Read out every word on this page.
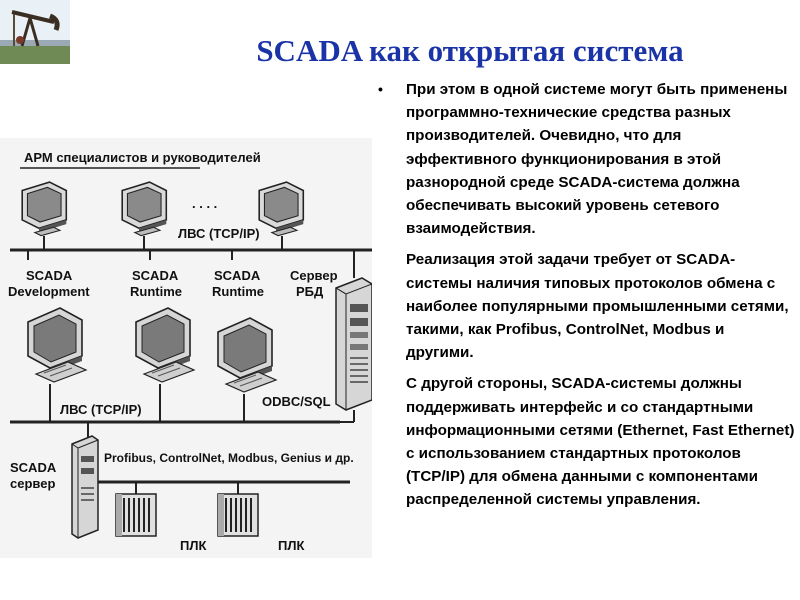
SCADA как открытая система
• При этом в одной системе могут быть применены программно-технические средства разных производителей. Очевидно, что для эффективного функционирования в этой разнородной среде SCADA-система должна обеспечивать высокий уровень сетевого взаимодействия.
Реализация этой задачи требует от SCADA-системы наличия типовых протоколов обмена с наиболее популярными промышленными сетями, такими, как Profibus, ControlNet, Modbus и другими.
С другой стороны, SCADA-системы должны поддерживать интерфейс и со стандартными информационными сетями (Ethernet, Fast Ethernet) с использованием стандартных протоколов (TCP/IP) для обмена данными с компонентами распределенной системы управления.
АРМ специалистов и руководителей
. . . .
ЛВС (TCP/IP)
SCADA
Development
SCADA
Runtime
SCADA
Runtime
Сервер
РБД
ЛВС (TCP/IP)
ODBC/SQL
SCADA
сервер
Profibus, ControlNet, Modbus, Genius и др.
ПЛК	ПЛК
